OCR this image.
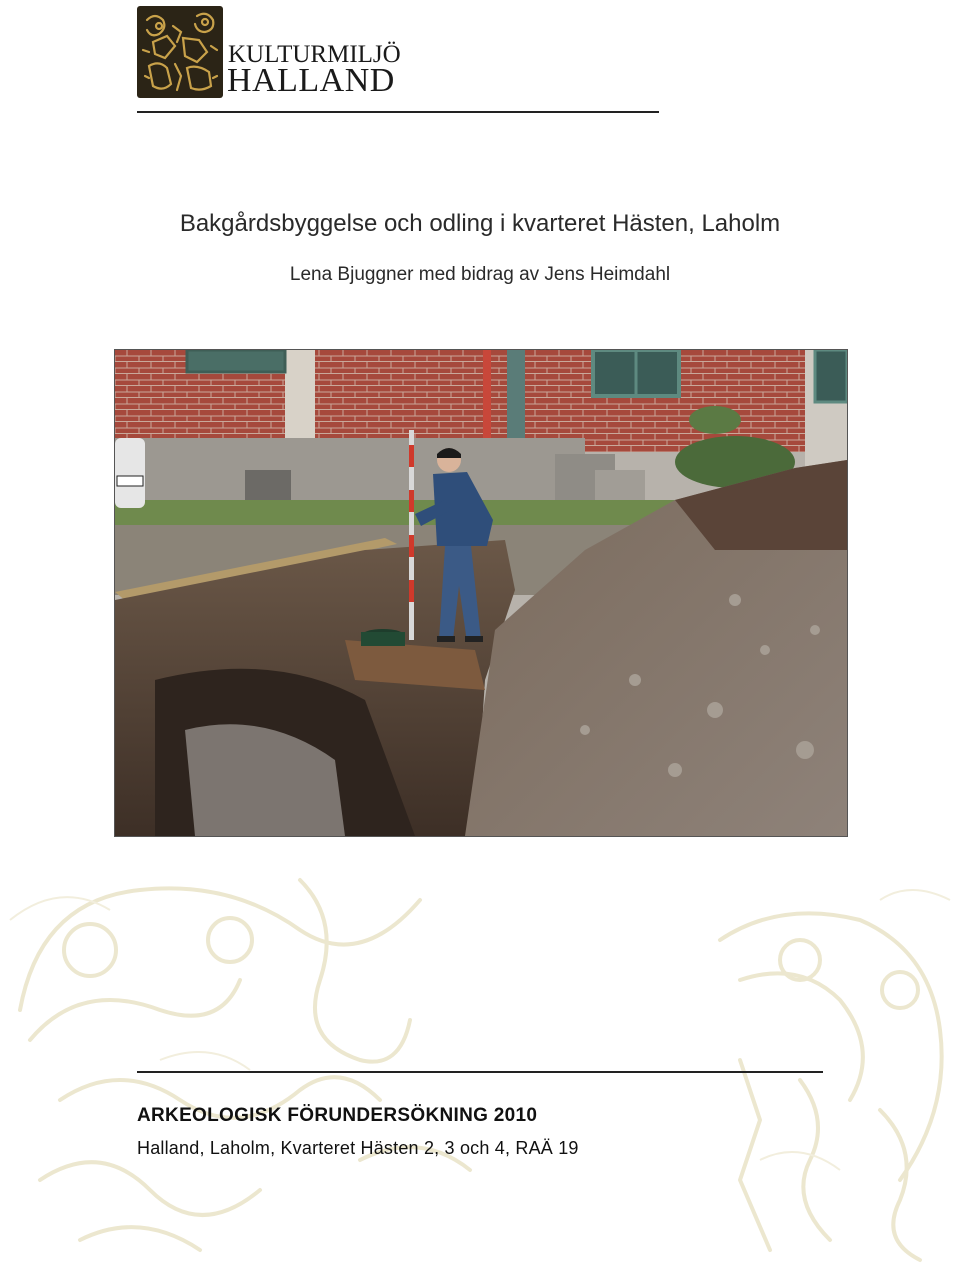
KULTURMILJÖ
HALLAND
Bakgårdsbyggelse och odling i kvarteret Hästen, Laholm
Lena Bjuggner med bidrag av Jens Heimdahl
ARKEOLOGISK FÖRUNDERSÖKNING 2010
Halland, Laholm, Kvarteret Hästen 2, 3 och 4, RAÄ 19
